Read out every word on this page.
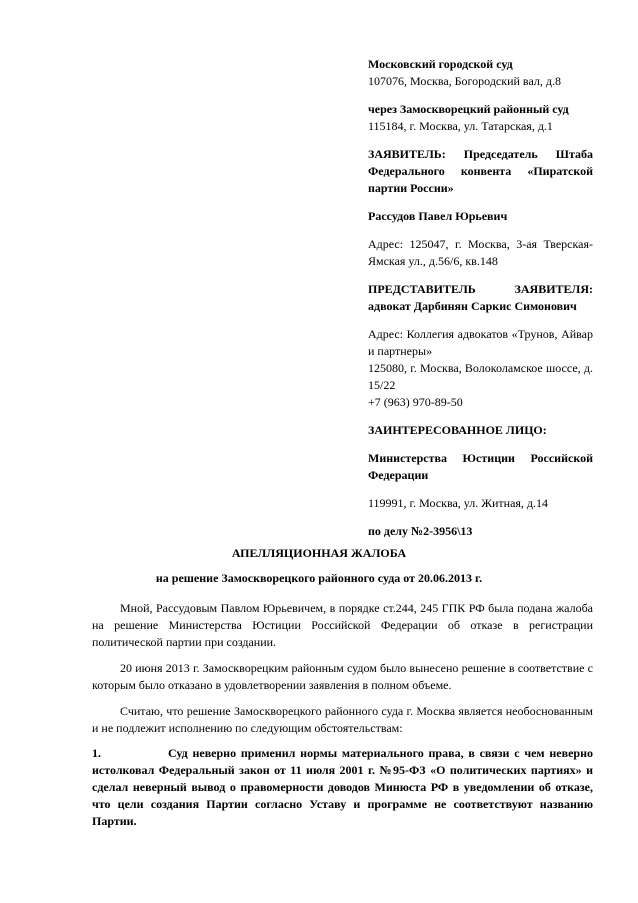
Московский городской суд

107076, Москва, Богородский вал, д.8

через Замоскворецкий районный суд

115184, г. Москва, ул. Татарская, д.1

ЗАЯВИТЕЛЬ: Председатель Штаба Федерального конвента «Пиратской партии России»

Рассудов Павел Юрьевич

Адрес: 125047, г. Москва, 3-ая Тверская-Ямская ул., д.56/6, кв.148

ПРЕДСТАВИТЕЛЬ ЗАЯВИТЕЛЯ: адвокат Дарбинян Саркис Симонович

Адрес: Коллегия адвокатов «Трунов, Айвар и партнеры»

125080, г. Москва, Волоколамское шоссе, д. 15/22

+7 (963) 970-89-50

ЗАИНТЕРЕСОВАННОЕ ЛИЦО:

Министерства Юстиции Российской Федерации

119991, г. Москва, ул. Житная, д.14

по делу №2-3956\13

АПЕЛЛЯЦИОННАЯ ЖАЛОБА
на решение Замоскворецкого районного суда от 20.06.2013 г.

Мной, Рассудовым Павлом Юрьевичем, в порядке ст.244, 245 ГПК РФ была подана жалоба на решение Министерства Юстиции Российской Федерации об отказе в регистрации политической партии при создании.

20 июня 2013 г. Замоскворецким районным судом было вынесено решение в соответствие с которым было отказано в удовлетворении заявления в полном объеме.

Считаю, что решение Замоскворецкого районного суда г. Москва является необоснованным и не подлежит исполнению по следующим обстоятельствам:

1.	Суд неверно применил нормы материального права, в связи с чем неверно истолковал Федеральный закон от 11 июля 2001 г. №95-ФЗ «О политических партиях» и сделал неверный вывод о правомерности доводов Минюста РФ в уведомлении об отказе, что цели создания Партии согласно Уставу и программе не соответствуют названию Партии.
